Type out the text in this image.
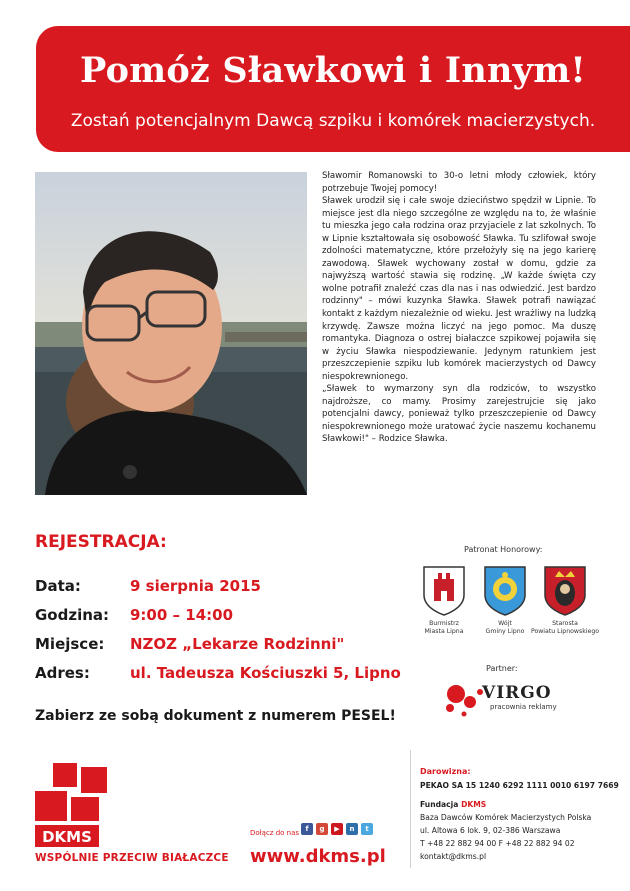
Pomóż Sławkowi i Innym!
Zostań potencjalnym Dawcą szpiku i komórek macierzystych.

Sławomir Romanowski to 30-o letni młody człowiek, który potrzebuje Twojej pomocy!

Sławek urodził się i całe swoje dzieciństwo spędził w Lipnie. To miejsce jest dla niego szczególne ze względu na to, że właśnie tu mieszka jego cała rodzina oraz przyjaciele z lat szkolnych. To w Lipnie kształtowała się osobowość Sławka. Tu szlifował swoje zdolności matematyczne, które przełożyły się na jego karierę zawodową. Sławek wychowany został w domu, gdzie za najwyższą wartość stawia się rodzinę. „W każde święta czy wolne potrafił znaleźć czas dla nas i nas odwiedzić. Jest bardzo rodzinny" – mówi kuzynka Sławka. Sławek potrafi nawiązać kontakt z każdym niezależnie od wieku. Jest wrażliwy na ludzką krzywdę. Zawsze można liczyć na jego pomoc. Ma duszę romantyka. Diagnoza o ostrej białaczce szpikowej pojawiła się w życiu Sławka niespodziewanie. Jedynym ratunkiem jest przeszczepienie szpiku lub komórek macierzystych od Dawcy niespokrewnionego.

„Sławek to wymarzony syn dla rodziców, to wszystko najdroższe, co mamy. Prosimy zarejestrujcie się jako potencjalni dawcy, ponieważ tylko przeszczepienie od Dawcy niespokrewnionego może uratować życie naszemu kochanemu Sławkowi!" – Rodzice Sławka.

REJESTRACJA:
Data:	9 sierpnia 2015
Godzina:	9:00 – 14:00
Miejsce:	NZOZ „Lekarze Rodzinni"
Adres:	ul. Tadeusza Kościuszki 5, Lipno
Zabierz ze sobą dokument z numerem PESEL!
Patronat Honorowy:
Burmistrz
Miasta Lipna
Wójt
Gminy Lipno
Starosta
Powiatu Lipnowskiego
Partner:
VIRGO
pracownia reklamy
DKMS
WSPÓLNIE PRZECIW BIAŁACZCE
Dołącz do nas f	g	▶	n	t
www.dkms.pl
Darowizna:
PEKAO SA 15 1240 6292 1111 0010 6197 7669
Fundacja DKMS
Baza Dawców Komórek Macierzystych Polska
ul. Altowa 6 lok. 9, 02-386 Warszawa
T +48 22 882 94 00 F +48 22 882 94 02
kontakt@dkms.pl
